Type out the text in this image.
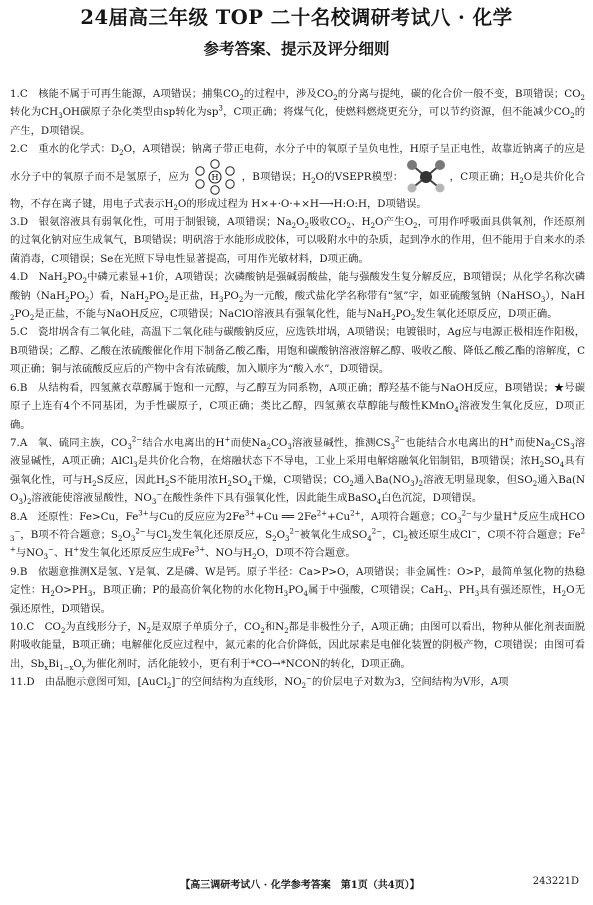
24届高三年级 TOP 二十名校调研考试八 · 化学
参考答案、提示及评分细则

1.C　 核能不属于可再生能源，A项错误；捕集$CO_2$的过程中，涉及$CO_2$的分离与提纯，碳的化合价一般不变，B项错误；$CO_2$转化为$CH_3OH$碳原子杂化类型由sp转化为$sp^3$，C项正确；将煤气化，使燃料燃烧更充分，可以节约资源，但不能减少$CO_2$的产生，D项错误。

2.C　 重水的化学式：$D_2O$，A项错误；钠离子带正电荷，水分子中的氧原子呈负电性，H原子呈正电性，故靠近钠离子的应是水分子中的氧原子而不是氢原子，应为	H ，B项错误；$H_2O$的VSEPR模型：	，C项正确；$H_2O$是共价化合物，不存在离子键，用电子式表示$H_2O$的形成过程为 H×+·O·+×H⟶H:O:H，D项错误。

3.D　 银氨溶液具有弱氧化性，可用于制银镜，A项错误；$Na_2O_2$吸收$CO_2$、$H_2O$产生$O_2$，可用作呼吸面具供氧剂，作还原剂的过氧化钠对应生成氧气，B项错误；明矾溶于水能形成胶体，可以吸附水中的杂质，起到净水的作用，但不能用于自来水的杀菌消毒，C项错误；Se在光照下导电性显著提高，可用作光敏材料，D项正确。

4.D　 $NaH_2PO_2$中磷元素显+1价，A项错误；次磷酸钠是强碱弱酸盐，能与强酸发生复分解反应，B项错误；从化学名称次磷酸钠$(NaH_2PO_2)$看，$NaH_2PO_2$是正盐，$H_3PO_2$为一元酸，酸式盐化学名称带有“氢”字，如亚硫酸氢钠（NaHSO$_3$），$NaH_2PO_2$是正盐，不能与NaOH反应，C项错误；NaClO溶液具有强氧化性，能与$NaH_2PO_2$发生氧化还原反应，D项正确。

5.C　 瓷坩埚含有二氧化硅，高温下二氧化硅与碳酸钠反应，应选铁坩埚，A项错误；电镀银时，Ag应与电源正极相连作阳极，B项错误；乙醇、乙酸在浓硫酸催化作用下制备乙酸乙酯，用饱和碳酸钠溶液溶解乙醇、吸收乙酸、降低乙酸乙酯的溶解度，C项正确；铜与浓硫酸反应后的产物中含有浓硫酸，加入顺序为“酸入水”，D项错误。

6.B　 从结构看，四氢薰衣草醇属于饱和一元醇，与乙醇互为同系物，A项正确；醇羟基不能与NaOH反应，B项错误；★号碳原子上连有4个不同基团，为手性碳原子，C项正确；类比乙醇，四氢薰衣草醇能与酸性KMnO$_4$溶液发生氧化反应，D项正确。

7.A　 氧、硫同主族，$CO_3^{2-}$结合水电离出的H+而使$Na_2CO_3$溶液显碱性，推测$CS_3^{2-}$也能结合水电离出的H+而使$Na_2CS_3$溶液显碱性，A项正确；AlCl$_3$是共价化合物，在熔融状态下不导电，工业上采用电解熔融氧化铝制铝，B项错误；浓$H_2SO_4$具有强氧化性，可与$H_2S$反应，因此$H_2S$不能用浓$H_2SO_4$干燥，C项错误；$CO_2$通入$Ba(NO_3)_2$溶液无明显现象，但$SO_2$通入$Ba(NO_3)_2$溶液能使溶液显酸性，$NO_3^-$在酸性条件下具有强氧化性，因此能生成BaSO$_4$白色沉淀，D项错误。

8.A　 还原性：Fe>Cu，$Fe^{3+}$与Cu的反应应为$2Fe^{3+}+Cu$ ══ $2Fe^{2+}+Cu^{2+}$，A项符合题意；$CO_3^{2-}$与少量H+反应生成$HCO_3^-$，B项不符合题意；$S_2O_3^{2-}$与$Cl_2$发生氧化还原反应，$S_2O_3^{2-}$被氧化生成$SO_4^{2-}$，$Cl_2$被还原生成Cl−，C项不符合题意；$Fe^{2+}$与$NO_3^-$、H+发生氧化还原反应生成$Fe^{3+}$、NO与$H_2O$，D项不符合题意。

9.B　 依题意推测X是氢、Y是氧、Z是磷、W是钙。原子半径：Ca>P>O，A项错误；非金属性：O>P，最简单氢化物的热稳定性：$H_2O>PH_3$，B项正确；P的最高价氧化物的水化物$H_3PO_4$属于中强酸，C项错误；CaH$_2$、$PH_3$具有强还原性，$H_2O$无强还原性，D项错误。

10.C　 $CO_2$为直线形分子，$N_2$是双原子单质分子，$CO_2$和$N_2$都是非极性分子，A项正确；由图可以看出，物种从催化剂表面脱附吸收能量，B项正确；电解催化反应过程中，氮元素的化合价降低，因此尿素是电催化装置的阴极产物，C项错误；由图可看出，$Sb_xBi_{1-x}O_y$为催化剂时，活化能较小，更有利于*CO→*NCON的转化，D项正确。

11.D　 由晶胞示意图可知，[AuCl$_2$]−的空间结构为直线形，$NO_2^-$的价层电子对数为3，空间结构为V形，A项

【高三调研考试八 · 化学参考答案　第1页（共4页）】	243221D
